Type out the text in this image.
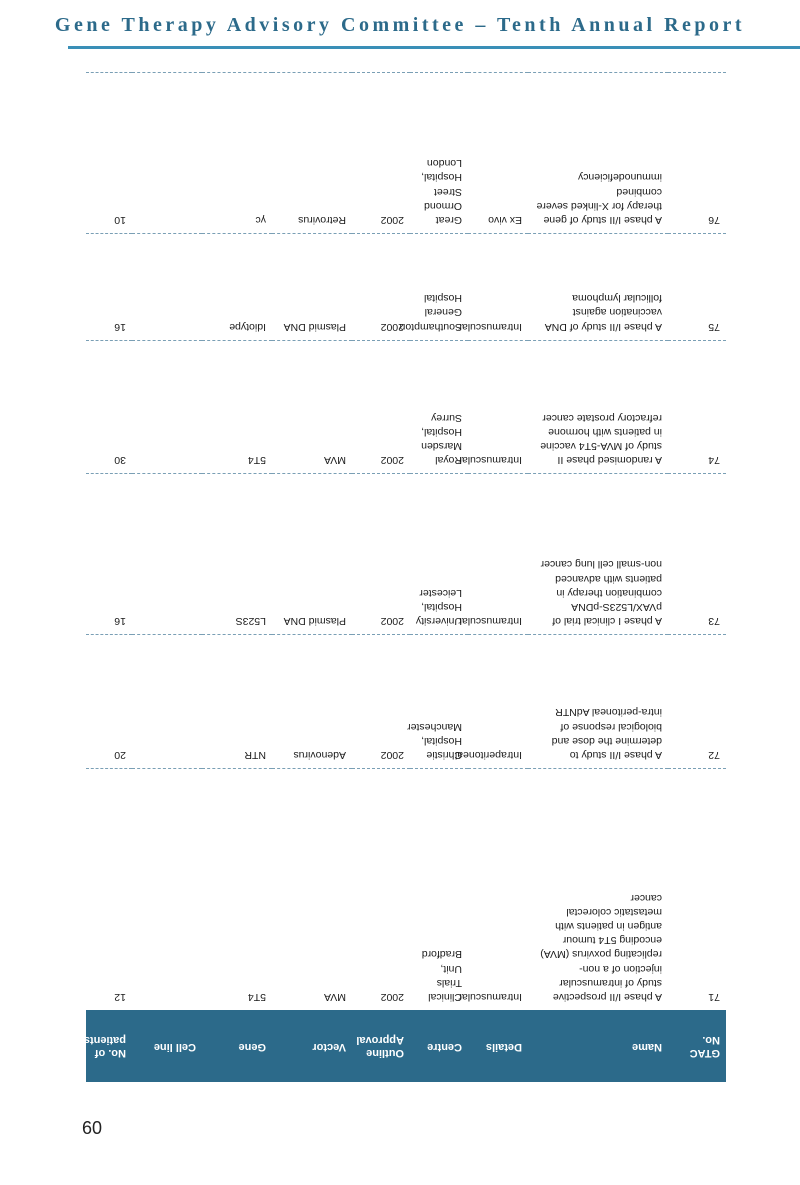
Gene Therapy Advisory Committee – Tenth Annual Report
GTAC No.	Name	Details	Centre	Outline Approval	Vector	Gene	Cell line	No. of patients
71	A phase I/II prospective study of intramuscular injection of a non-replicating poxvirus (MVA) encoding 5T4 tumour antigen in patients with metastatic colorectal cancer	Intramuscular	Clinical Trials Unit, Bradford	2002	MVA	5T4		12
72	A phase I/II study to determine the dose and biological response of intra-peritoneal AdNTR	Intraperitoneal	Christie Hospital, Manchester	2002	Adenovirus	NTR		20
73	A phase I clinical trial of pVAX/L523S-pDNA combination therapy in patients with advanced non-small cell lung cancer	Intramuscular	University Hospital, Leicester	2002	Plasmid DNA	L523S		16
74	A randomised phase II study of MVA-5T4 vaccine in patients with hormone refractory prostate cancer	Intramuscular	Royal Marsden Hospital, Surrey	2002	MVA	5T4		30
75	A phase I/II study of DNA vaccination against follicular lymphoma	Intramuscular	Southampton General Hospital	2002	Plasmid DNA	Idiotype		16
76	A phase I/II study of gene therapy for X-linked severe combined immunodeficiency	Ex vivo	Great Ormond Street Hospital, London	2002	Retrovirus	γc		10
60
